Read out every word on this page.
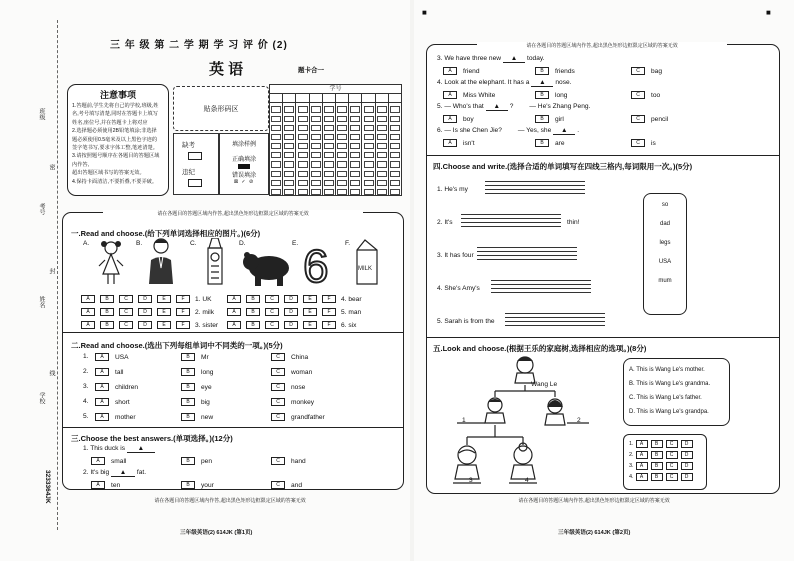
三 年 级 第 二 学 期 学 习 评 价 (2)
英 语	题卡合一
班级
考号
姓名
学校
密
封
线
3233364JK
注意事项
1.答题前,学生先将自己的学校,班级,姓
名,考号填写清楚,同时在答题卡上填写
姓名,座位号,并在答题卡上将对应
2.选择题必须使用2B铅笔填涂;非选择
题必须使用0.5毫米及以上黑色字迹的
签字笔书写,要求字体工整,笔迹清楚。
3.请按照题号顺序在各题目的答题区域内作答,
超出答题区域书写的答案无效。
4.保持卡面清洁,不要折叠,不要弄破。
贴条形码区
缺考
违纪
填涂样例
正确填涂
错误填涂
⊠ ✓ ⊘
学号
请在各题目的答题区域内作答,超出黑色矩形边框限定区域的答案无效
一.Read and choose.(给下列单词选择相应的图片。)(6分)
A.	B.	C.	D.	E.	F.
6	MILK
A	B	C	D	E	F 1. UK
A	B	C	D	E	F 2. milk
A	B	C	D	E	F 3. sister
A	B	C	D	E	F 4. bear
A	B	C	D	E	F 5. man
A	B	C	D	E	F 6. six
二.Read and choose.(选出下列每组单词中不同类的一项。)(5分)
1.	A USA	B Mr	C China
2.	A tall	B long	C woman
3.	A children	B eye	C nose
4.	A short	B big	C monkey
5.	A mother	B new	C grandfather
三.Choose the best answers.(单项选择。)(12分)
1. This duck is ▲
A small	B pen	C hand
2. It's big ▲ fat.
A ten	B your	C and
请在各题目的答题区域内作答,超出黑色矩形边框限定区域的答案无效
三年级英语(2) 614JK (第1页)
■	■
请在各题目的答题区域内作答,超出黑色矩形边框限定区域的答案无效
3. We have three new ▲ today.
A friend	B friends	C bag
4. Look at the elephant. It has a ▲ nose.
A Miss White	B long	C too
5. — Who's that ▲ ? — He's Zhang Peng.
A boy	B girl	C pencil
6. — Is she Chen Jie? — Yes, she ▲ .
A isn't	B are	C is
四.Choose and write.(选择合适的单词填写在四线三格内,每词限用一次。)(5分)
1. He's my
2. It's	thin!
3. It has four
4. She's Amy's
5. Sarah is from the
so
dad
legs
USA
mum
五.Look and choose.(根据王乐的家庭树,选择相应的选项。)(8分)
Wang Le
1	2
3	4
A. This is Wang Le's mother.
B. This is Wang Le's grandma.
C. This is Wang Le's father.
D. This is Wang Le's grandpa.
1. A B C D
2. A B C D
3. A B C D
4. A B C D
请在各题目的答题区域内作答,超出黑色矩形边框限定区域的答案无效
三年级英语(2) 614JK (第2页)
